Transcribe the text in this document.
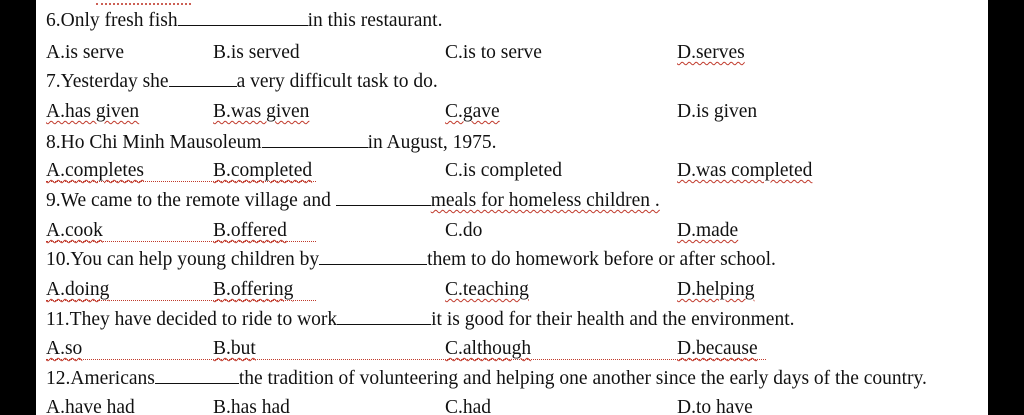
6.Only fresh fish	in this restaurant.
A.is serve	B.is served	C.is to serve	D.serves
7.Yesterday she	a very difficult task to do.
A.has given	B.was given	C.gave	D.is given
8.Ho Chi Minh Mausoleum	in August, 1975.
A.completes	B.completed	C.is completed	D.was completed
9.We came to the remote village and	meals for homeless children .
A.cook	B.offered	C.do	D.made
10.You can help young children by	them to do homework before or after school.
A.doing	B.offering	C.teaching	D.helping
11.They have decided to ride to work	it is good for their health and the environment.
A.so	B.but	C.although	D.because
12.Americans	the tradition of volunteering and helping one another since the early days of the country.
A.have had	B.has had	C.had	D.to have
